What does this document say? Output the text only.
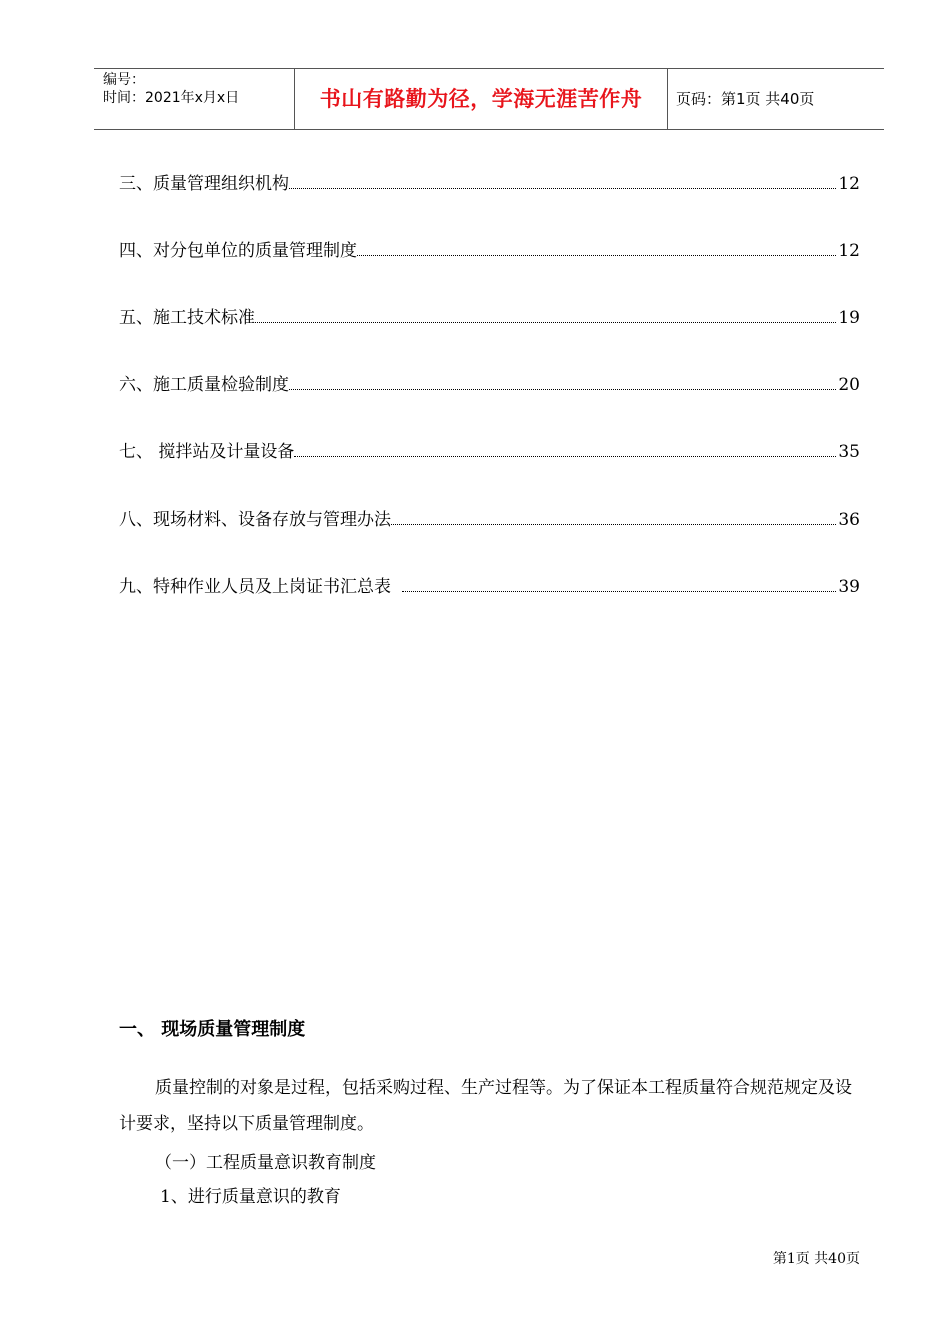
编号：
时间：2021年x月x日	书山有路勤为径，学海无涯苦作舟	页码：第1页 共40页
三、质量管理组织机构	12
四、对分包单位的质量管理制度	12
五、施工技术标准	19
六、施工质量检验制度	20
七、 搅拌站及计量设备	35
八、现场材料、设备存放与管理办法	36
九、特种作业人员及上岗证书汇总表	39
一、 现场质量管理制度
质量控制的对象是过程，包括采购过程、生产过程等。为了保证本工程质量符合规范规定及设计要求，坚持以下质量管理制度。
（一）工程质量意识教育制度
1、进行质量意识的教育
第1页 共40页
